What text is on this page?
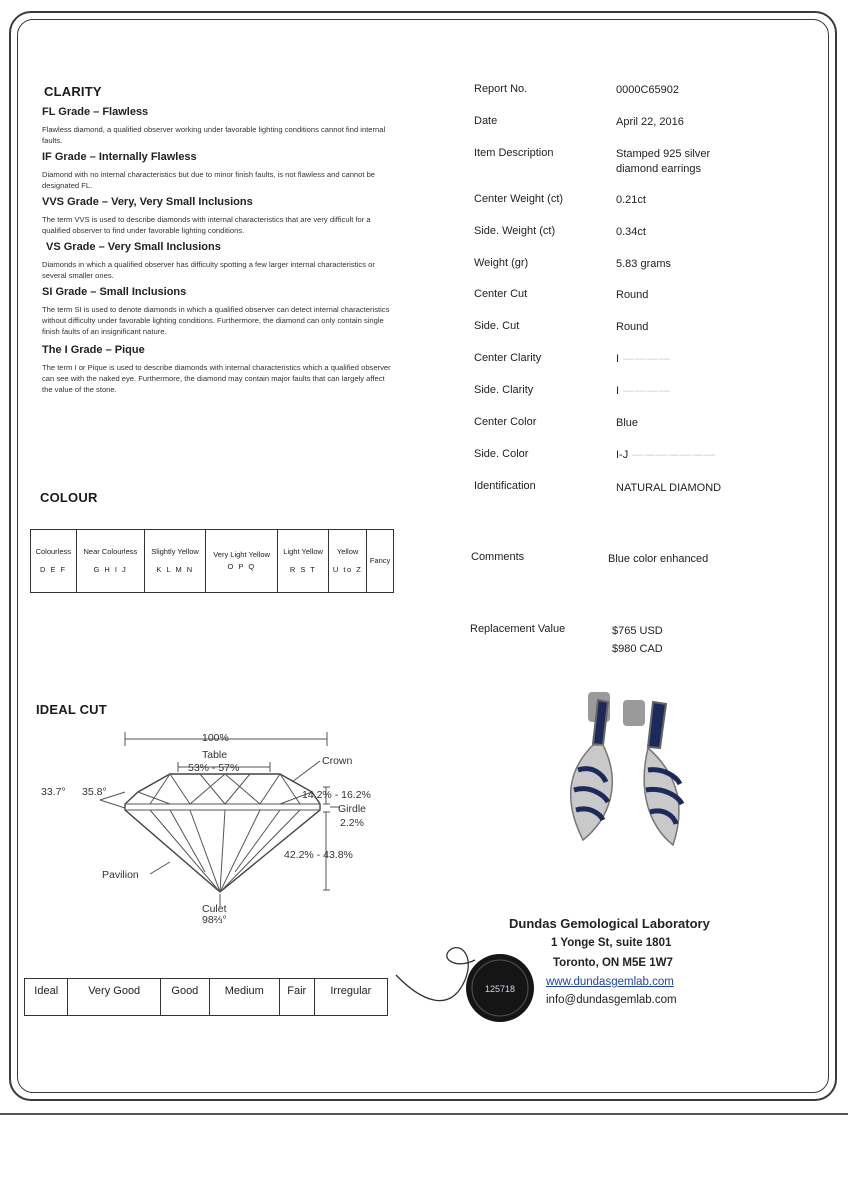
CLARITY
FL Grade – Flawless
Flawless diamond, a qualified observer working under favorable lighting conditions cannot find internal faults.
IF Grade – Internally Flawless
Diamond with no internal characteristics but due to minor finish faults, is not flawless and cannot be designated FL.
VVS Grade – Very, Very Small Inclusions
The term VVS is used to describe diamonds with internal characteristics that are very difficult for a qualified observer to find under favorable lighting conditions.
VS Grade – Very Small Inclusions
Diamonds in which a qualified observer has difficulty spotting a few larger internal characteristics or several smaller ones.
SI Grade – Small Inclusions
The term SI is used to denote diamonds in which a qualified observer can detect internal characteristics without difficulty under favorable lighting conditions. Furthermore, the diamond can only contain single finish faults of an insignificant nature.
The I Grade – Pique
The term I or Pique is used to describe diamonds with internal characteristics which a qualified observer can see with the naked eye. Furthermore, the diamond may contain major faults that can largely affect the value of the stone.
Report No.	0000C65902
Date	April 22, 2016
Item Description	Stamped 925 silver diamond earrings
Center Weight (ct)	0.21ct
Side. Weight (ct)	0.34ct
Weight (gr)	5.83 grams
Center Cut	Round
Side. Cut	Round
Center Clarity	I ————
Side. Clarity	I ————
Center Color	Blue
Side. Color	I-J ———————
Identification	NATURAL DIAMOND
Comments	Blue color enhanced
Replacement Value	$765 USD
$980 CAD
COLOUR
Colourless
D E F
	Near Colourless
G H I J
	Slightly Yellow
K L M N
	Very Light Yellow
O P Q
	Light Yellow
R S T
	Yellow
U to Z
	Fancy
IDEAL CUT
100%
Table
53% - 57%
Crown
14.2% - 16.2%
Girdle
2.2%
42.2% - 43.8%
Pavilion
33.7° 35.8°
Culet
98⅔°
Ideal	Very Good	Good	Medium	Fair	Irregular	125718
Dundas Gemological Laboratory
1 Yonge St, suite 1801
Toronto, ON M5E 1W7
www.dundasgemlab.com
info@dundasgemlab.com
